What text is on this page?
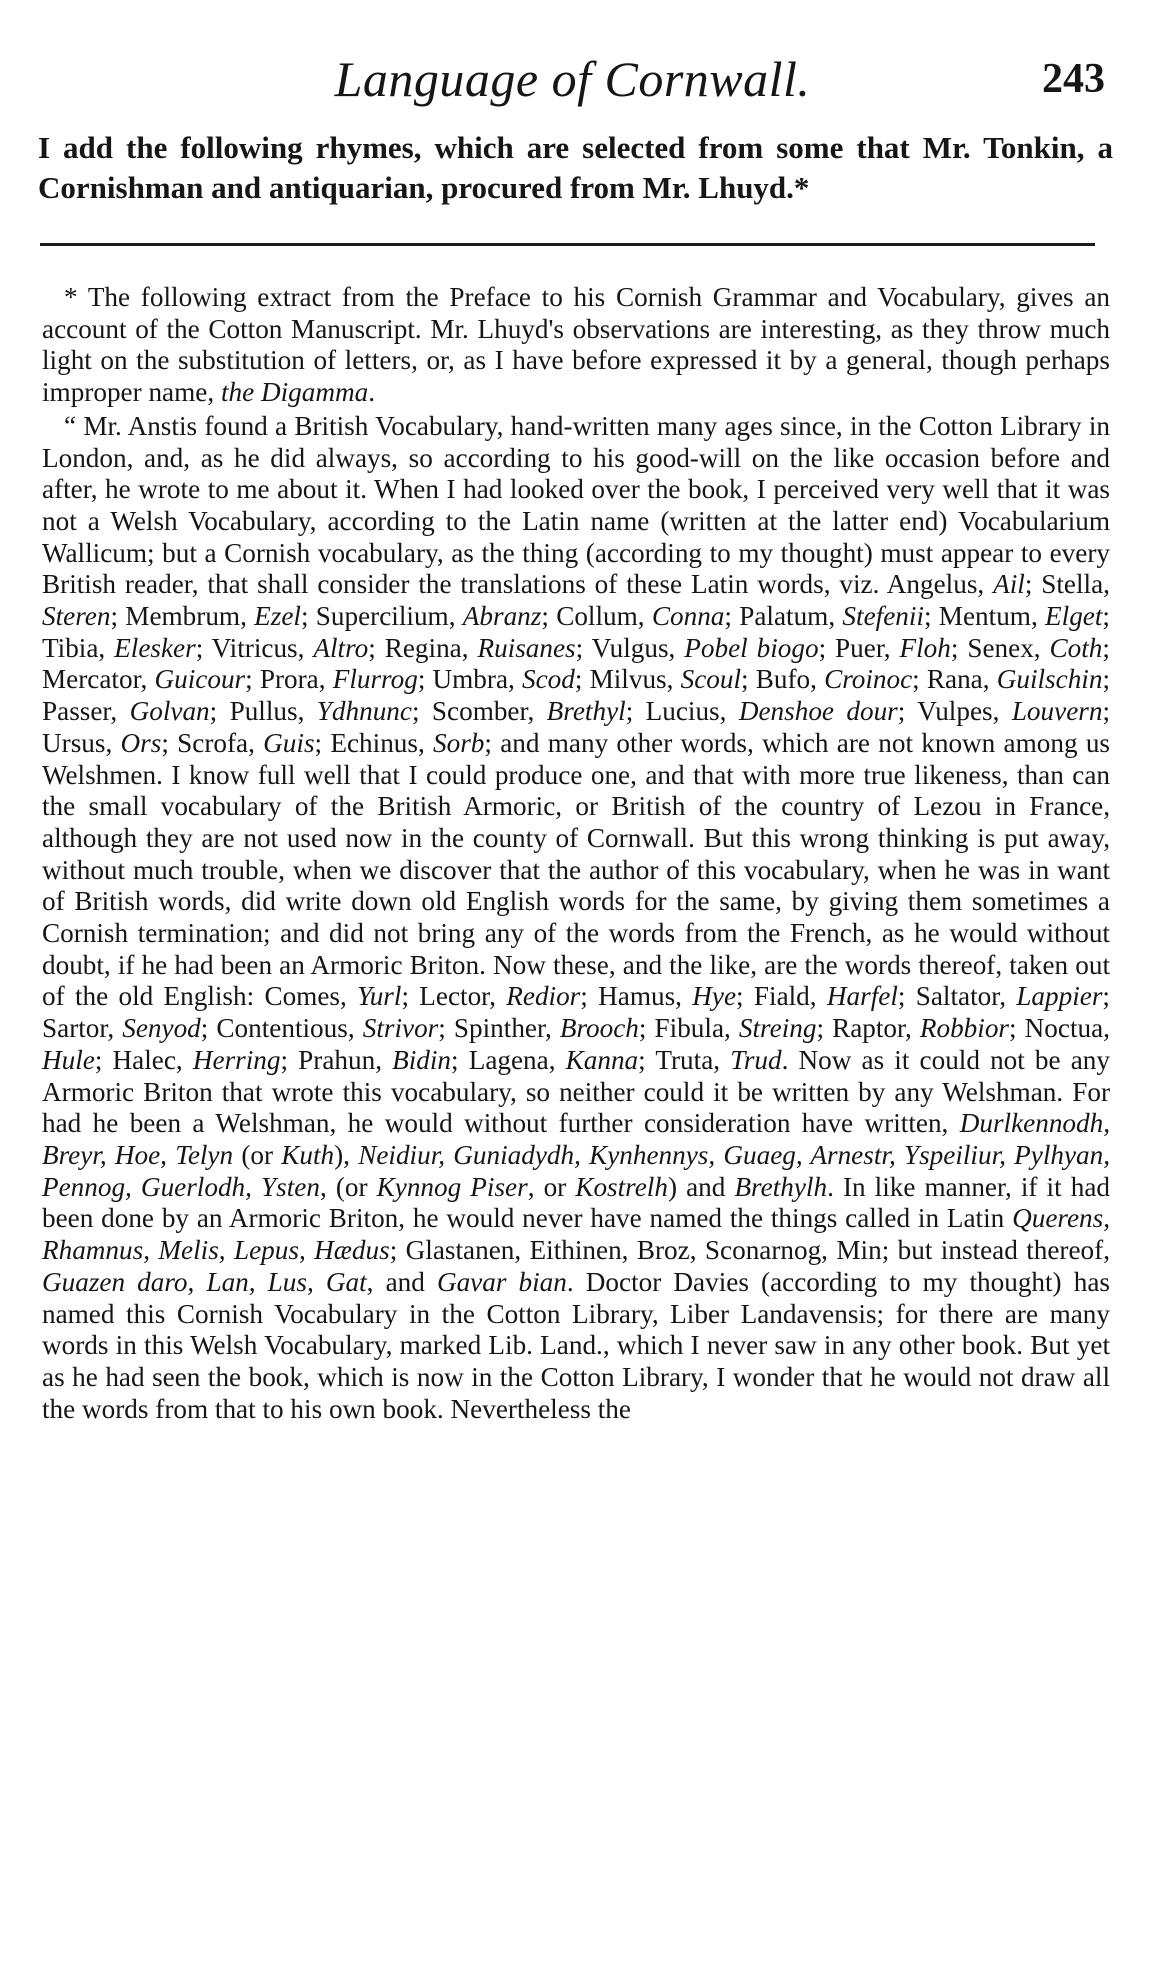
Language of Cornwall.	243

I add the following rhymes, which are selected from some that Mr. Tonkin, a Cornishman and antiquarian, procured from Mr. Lhuyd.*

* The following extract from the Preface to his Cornish Grammar and Vocabulary, gives an account of the Cotton Manuscript. Mr. Lhuyd's observations are interesting, as they throw much light on the substitution of letters, or, as I have before expressed it by a general, though perhaps improper name, the Digamma.

“ Mr. Anstis found a British Vocabulary, hand-written many ages since, in the Cotton Library in London, and, as he did always, so according to his good-will on the like occasion before and after, he wrote to me about it. When I had looked over the book, I perceived very well that it was not a Welsh Vocabulary, according to the Latin name (written at the latter end) Vocabularium Wallicum; but a Cornish vocabulary, as the thing (according to my thought) must appear to every British reader, that shall consider the translations of these Latin words, viz. Angelus, Ail; Stella, Steren; Membrum, Ezel; Supercilium, Abranz; Collum, Conna; Palatum, Stefenii; Mentum, Elget; Tibia, Elesker; Vitricus, Altro; Regina, Ruisanes; Vulgus, Pobel biogo; Puer, Floh; Senex, Coth; Mercator, Guicour; Prora, Flurrog; Umbra, Scod; Milvus, Scoul; Bufo, Croinoc; Rana, Guilschin; Passer, Golvan; Pullus, Ydhnunc; Scomber, Brethyl; Lucius, Denshoe dour; Vulpes, Louvern; Ursus, Ors; Scrofa, Guis; Echinus, Sorb; and many other words, which are not known among us Welshmen. I know full well that I could produce one, and that with more true likeness, than can the small vocabulary of the British Armoric, or British of the country of Lezou in France, although they are not used now in the county of Cornwall. But this wrong thinking is put away, without much trouble, when we discover that the author of this vocabulary, when he was in want of British words, did write down old English words for the same, by giving them sometimes a Cornish termination; and did not bring any of the words from the French, as he would without doubt, if he had been an Armoric Briton. Now these, and the like, are the words thereof, taken out of the old English: Comes, Yurl; Lector, Redior; Hamus, Hye; Fiald, Harfel; Saltator, Lappier; Sartor, Senyod; Contentious, Strivor; Spinther, Brooch; Fibula, Streing; Raptor, Robbior; Noctua, Hule; Halec, Herring; Prahun, Bidin; Lagena, Kanna; Truta, Trud. Now as it could not be any Armoric Briton that wrote this vocabulary, so neither could it be written by any Welshman. For had he been a Welshman, he would without further consideration have written, Durlkennodh, Breyr, Hoe, Telyn (or Kuth), Neidiur, Guniadydh, Kynhennys, Guaeg, Arnestr, Yspeiliur, Pylhyan, Pennog, Guerlodh, Ysten, (or Kynnog Piser, or Kostrelh) and Brethylh. In like manner, if it had been done by an Armoric Briton, he would never have named the things called in Latin Querens, Rhamnus, Melis, Lepus, Hædus; Glastanen, Eithinen, Broz, Sconarnog, Min; but instead thereof, Guazen daro, Lan, Lus, Gat, and Gavar bian. Doctor Davies (according to my thought) has named this Cornish Vocabulary in the Cotton Library, Liber Landavensis; for there are many words in this Welsh Vocabulary, marked Lib. Land., which I never saw in any other book. But yet as he had seen the book, which is now in the Cotton Library, I wonder that he would not draw all the words from that to his own book. Nevertheless the
